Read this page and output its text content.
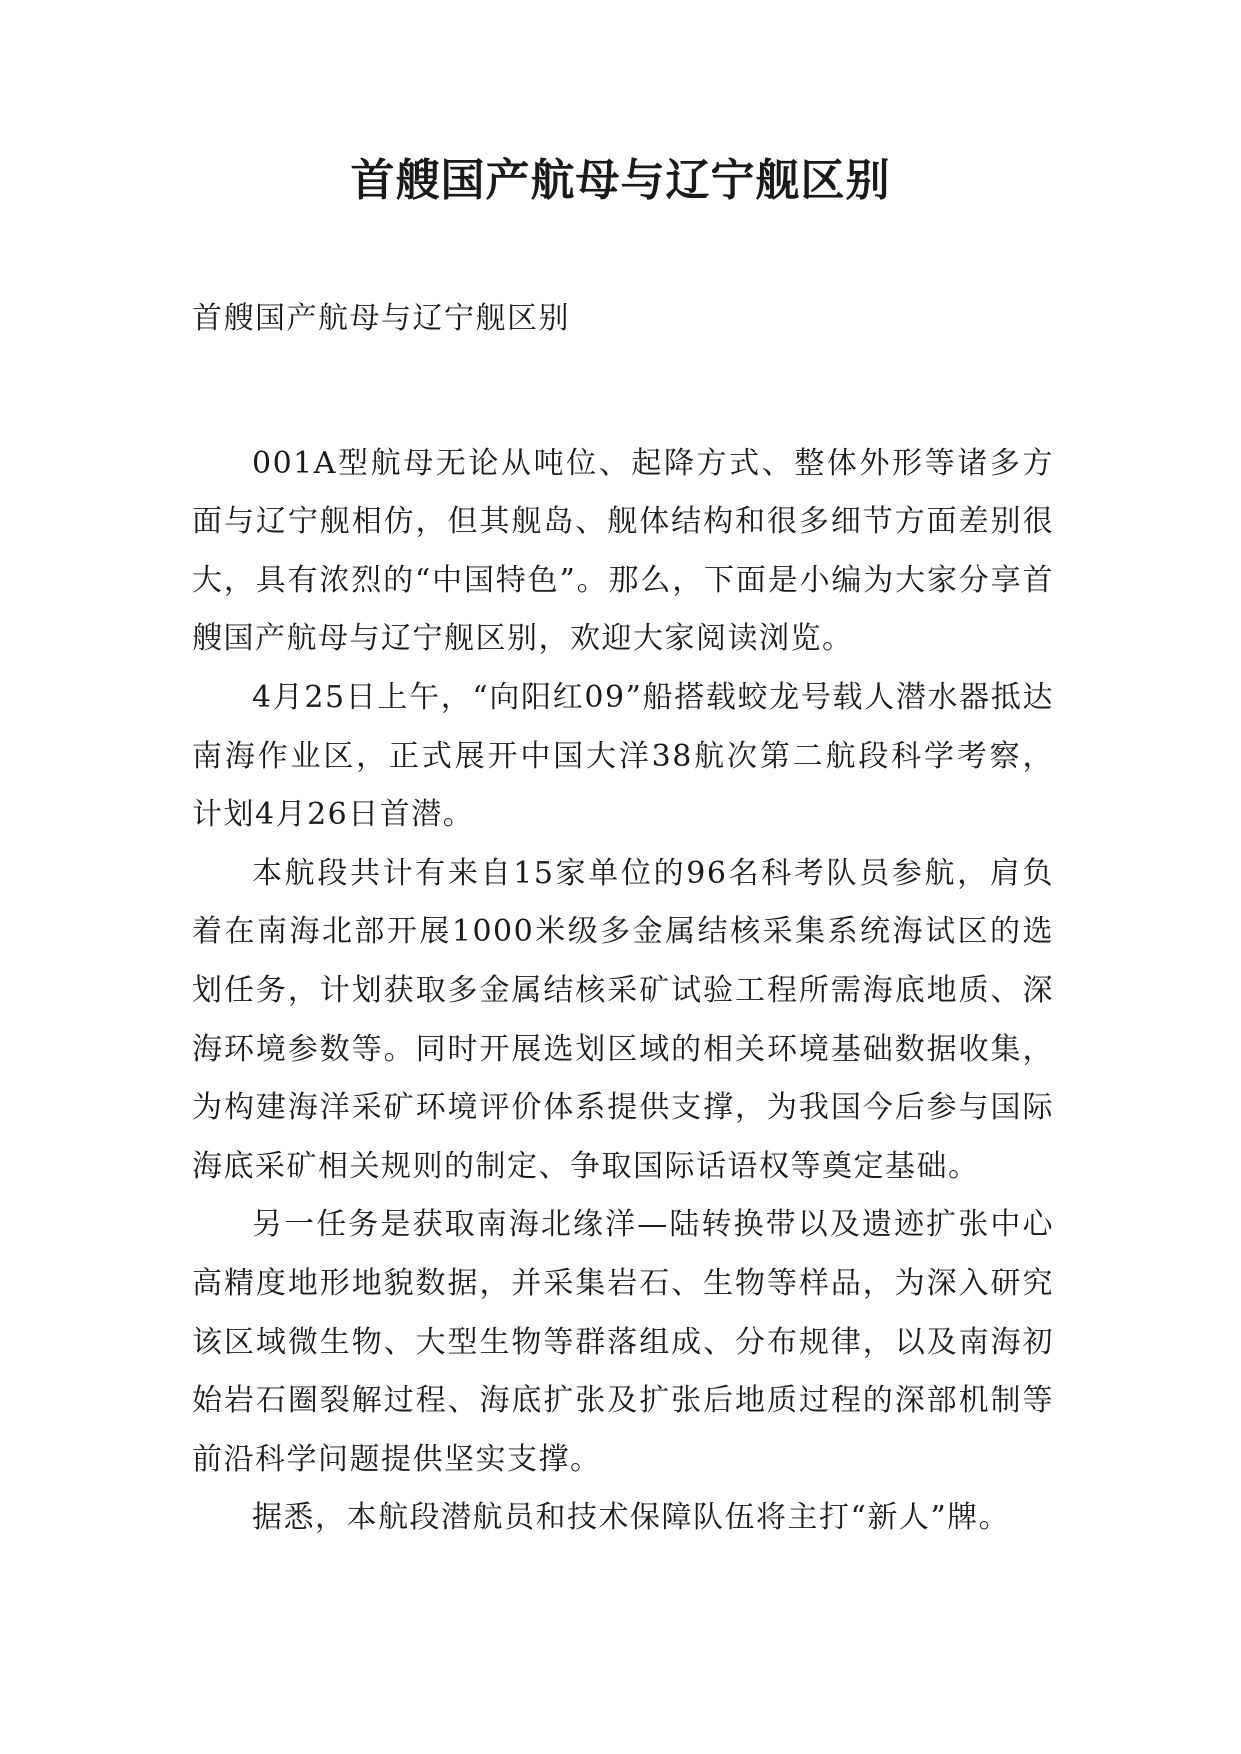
首艘国产航母与辽宁舰区别

首艘国产航母与辽宁舰区别

001A型航母无论从吨位、起降方式、整体外形等诸多方面与辽宁舰相仿，但其舰岛、舰体结构和很多细节方面差别很大，具有浓烈的“中国特色”。那么，下面是小编为大家分享首艘国产航母与辽宁舰区别，欢迎大家阅读浏览。

4月25日上午，“向阳红09”船搭载蛟龙号载人潜水器抵达南海作业区，正式展开中国大洋38航次第二航段科学考察， 计划4月26日首潜。

本航段共计有来自15家单位的96名科考队员参航，肩负着在南海北部开展1000米级多金属结核采集系统海试区的选划任务，计划获取多金属结核采矿试验工程所需海底地质、深海环境参数等。同时开展选划区域的相关环境基础数据收集，为构建海洋采矿环境评价体系提供支撑，为我国今后参与国际海底采矿相关规则的制定、争取国际话语权等奠定基础。

另一任务是获取南海北缘洋—陆转换带以及遗迹扩张中心高精度地形地貌数据，并采集岩石、生物等样品，为深入研究该区域微生物、大型生物等群落组成、分布规律，以及南海初始岩石圈裂解过程、海底扩张及扩张后地质过程的深部机制等前沿科学问题提供坚实支撑。

据悉，本航段潜航员和技术保障队伍将主打“新人”牌。
